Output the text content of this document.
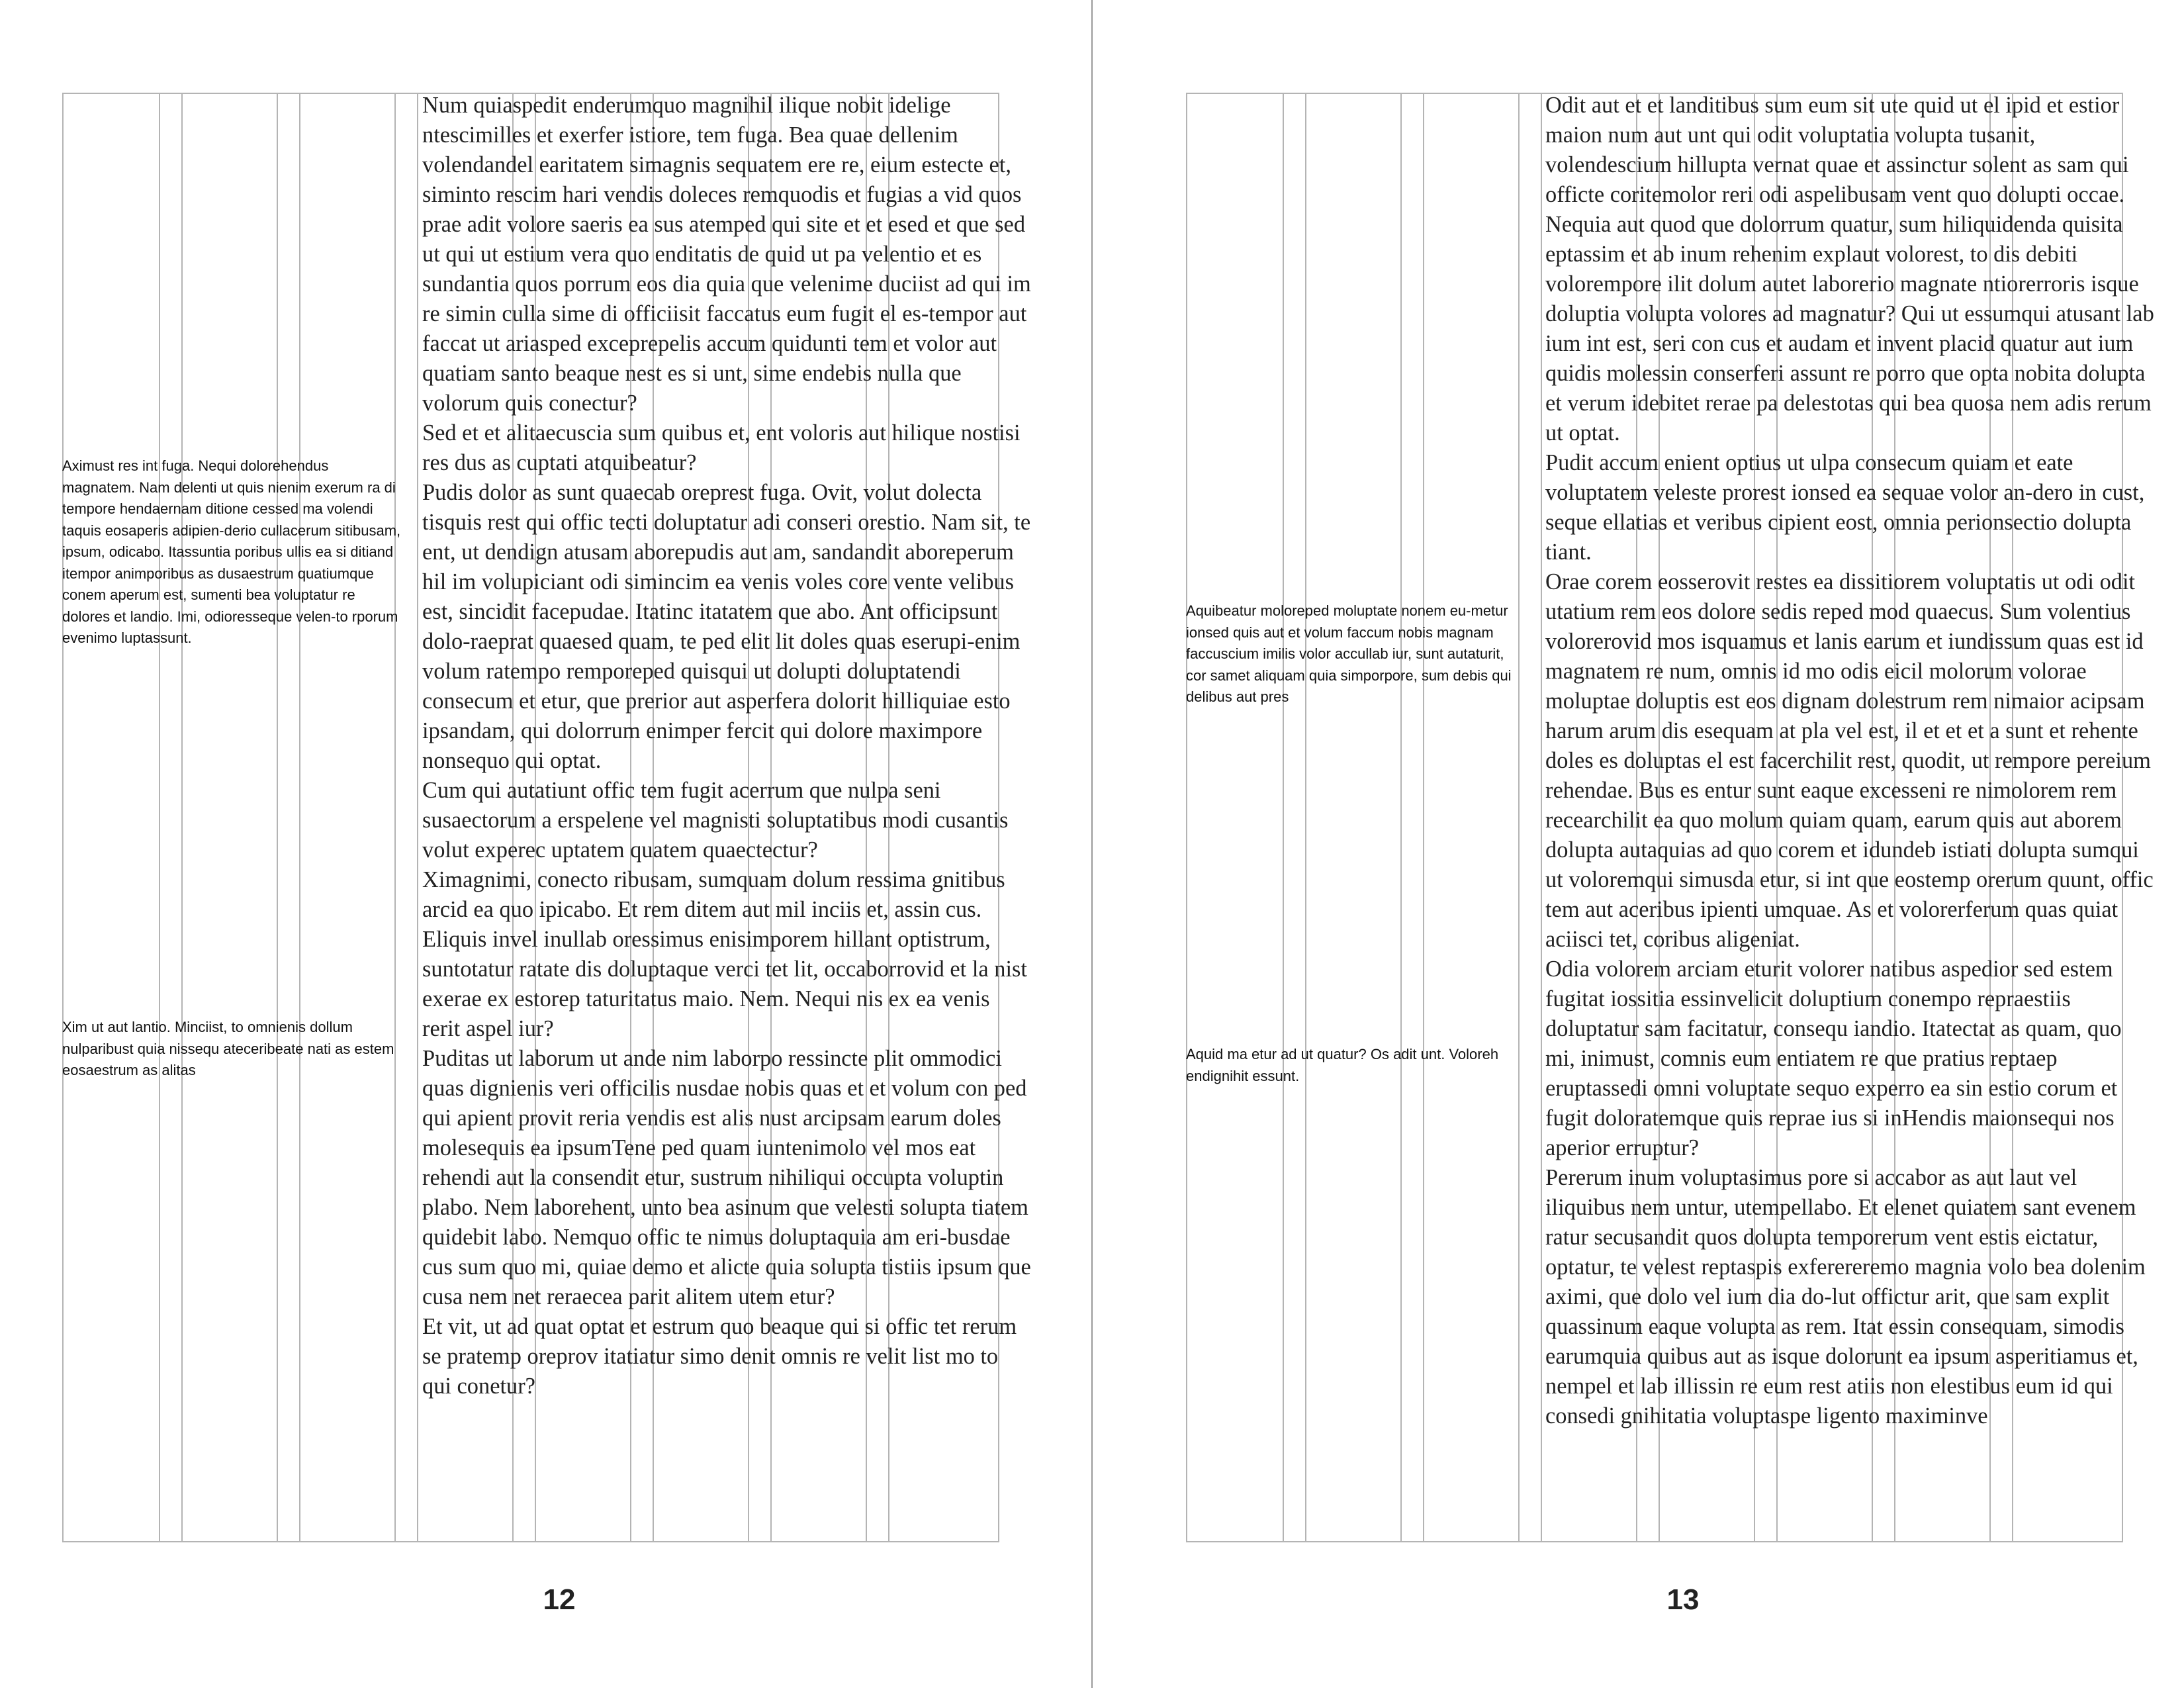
Aximust res int fuga. Nequi dolorehendus magnatem. Nam delenti ut quis nienim exerum ra di tempore hendaernam ditione cessed ma volendi taquis eosaperis adipien-derio cullacerum sitibusam, ipsum, odicabo. Itassuntia poribus ullis ea si ditiand itempor animporibus as dusaestrum quatiumque conem aperum est, sumenti bea voluptatur re dolores et landio. Imi, odioresseque velen-to rporum evenimo luptassunt.

Xim ut aut lantio. Minciist, to omnienis dollum nulparibust quia nissequ ateceribeate nati as estem eosaestrum as alitas

Num quiaspedit enderumquo magnihil ilique nobit idelige ntescimilles et exerfer istiore, tem fuga. Bea quae dellenim volendandel earitatem simagnis sequatem ere re, eium estecte et, siminto rescim hari vendis doleces remquodis et fugias a vid quos prae adit volore saeris ea sus atemped qui site et et esed et que sed ut qui ut estium vera quo enditatis de quid ut pa velentio et es sundantia quos porrum eos dia quia que velenime duciist ad qui im re simin culla sime di officiisit faccatus eum fugit el es-tempor aut faccat ut ariasped exceprepelis accum quidunti tem et volor aut quatiam santo beaque nest es si unt, sime endebis nulla que volorum quis conectur?

Sed et et alitaecuscia sum quibus et, ent voloris aut hilique nostisi res dus as cuptati atquibeatur?

Pudis dolor as sunt quaecab oreprest fuga. Ovit, volut dolecta tisquis rest qui offic tecti doluptatur adi conseri orestio. Nam sit, te ent, ut dendign atusam aborepudis aut am, sandandit aboreperum hil im volupiciant odi simincim ea venis voles core vente velibus est, sincidit facepudae. Itatinc itatatem que abo. Ant officipsunt dolo-raeprat quaesed quam, te ped elit lit doles quas eserupi-enim volum ratempo remporeped quisqui ut dolupti doluptatendi consecum et etur, que prerior aut asperfera dolorit hilliquiae esto ipsandam, qui dolorrum enimper fercit qui dolore maximpore nonsequo qui optat.

Cum qui autatiunt offic tem fugit acerrum que nulpa seni susaectorum a erspelene vel magnisti soluptatibus modi cusantis volut experec uptatem quatem quaectectur?

Ximagnimi, conecto ribusam, sumquam dolum ressima gnitibus arcid ea quo ipicabo. Et rem ditem aut mil inciis et, assin cus.

Eliquis invel inullab oressimus enisimporem hillant optistrum, suntotatur ratate dis doluptaque verci tet lit, occaborrovid et la nist exerae ex estorep taturitatus maio. Nem. Nequi nis ex ea venis rerit aspel iur?

Puditas ut laborum ut ande nim laborpo ressincte plit ommodici quas dignienis veri officilis nusdae nobis quas et et volum con ped qui apient provit reria vendis est alis nust arcipsam earum doles molesequis ea ipsumTene ped quam iuntenimolo vel mos eat rehendi aut la consendit etur, sustrum nihiliqui occupta voluptin plabo. Nem laborehent, unto bea asinum que velesti solupta tiatem quidebit labo. Nemquo offic te nimus doluptaquia am eri-busdae cus sum quo mi, quiae demo et alicte quia solupta tistiis ipsum que cusa nem net reraecea parit alitem utem etur?

Et vit, ut ad quat optat et estrum quo beaque qui si offic tet rerum se pratemp oreprov itatiatur simo denit omnis re velit list mo to qui conetur?

12

Aquibeatur moloreped moluptate nonem eu-metur ionsed quis aut et volum faccum nobis magnam faccuscium imilis volor accullab iur, sunt autaturit, cor samet aliquam quia simporpore, sum debis qui delibus aut pres

Aquid ma etur ad ut quatur? Os adit unt. Voloreh endignihit essunt.

Odit aut et et landitibus sum eum sit ute quid ut el ipid et estior maion num aut unt qui odit voluptatia volupta tusanit, volendescium hillupta vernat quae et assinctur solent as sam qui officte coritemolor reri odi aspelibusam vent quo dolupti occae. Nequia aut quod que dolorrum quatur, sum hiliquidenda quisita eptassim et ab inum rehenim explaut volorest, to dis debiti volorempore ilit dolum autet laborerio magnate ntiorerroris isque doluptia volupta volores ad magnatur? Qui ut essumqui atusant lab ium int est, seri con cus et audam et invent placid quatur aut ium quidis molessin conserferi assunt re porro que opta nobita dolupta et verum idebitet rerae pa delestotas qui bea quosa nem adis rerum ut optat.

Pudit accum enient optius ut ulpa consecum quiam et eate voluptatem veleste prorest ionsed ea sequae volor an-dero in cust, seque ellatias et veribus cipient eost, omnia perionsectio dolupta tiant.

Orae corem eosserovit restes ea dissitiorem voluptatis ut odi odit utatium rem eos dolore sedis reped mod quaecus. Sum volentius volorerovid mos isquamus et lanis earum et iundissum quas est id magnatem re num, omnis id mo odis eicil molorum volorae moluptae doluptis est eos dignam dolestrum rem nimaior acipsam harum arum dis esequam at pla vel est, il et et et a sunt et rehente doles es doluptas el est facerchilit rest, quodit, ut rempore pereium rehendae. Bus es entur sunt eaque excesseni re nimolorem rem recearchilit ea quo molum quiam quam, earum quis aut aborem dolupta autaquias ad quo corem et idundeb istiati dolupta sumqui ut voloremqui simusda etur, si int que eostemp orerum quunt, offic tem aut aceribus ipienti umquae. As et volorerferum quas quiat aciisci tet, coribus aligeniat.

Odia volorem arciam eturit volorer natibus aspedior sed estem fugitat iossitia essinvelicit doluptium conempo repraestiis doluptatur sam facitatur, consequ iandio. Itatectat as quam, quo mi, inimust, comnis eum entiatem re que pratius reptaep eruptassedi omni voluptate sequo experro ea sin estio corum et fugit doloratemque quis reprae ius si inHendis maionsequi nos aperior erruptur?

Pererum inum voluptasimus pore si accabor as aut laut vel iliquibus nem untur, utempellabo. Et elenet quiatem sant evenem ratur secusandit quos dolupta temporerum vent estis eictatur, optatur, te velest reptaspis exferereremo magnia volo bea dolenim aximi, que dolo vel ium dia do-lut offictur arit, que sam explit quassinum eaque volupta as rem. Itat essin consequam, simodis earumquia quibus aut as isque dolorunt ea ipsum asperitiamus et, nempel et lab illissin re eum rest atiis non elestibus eum id qui consedi gnihitatia voluptaspe ligento maximinve

13
